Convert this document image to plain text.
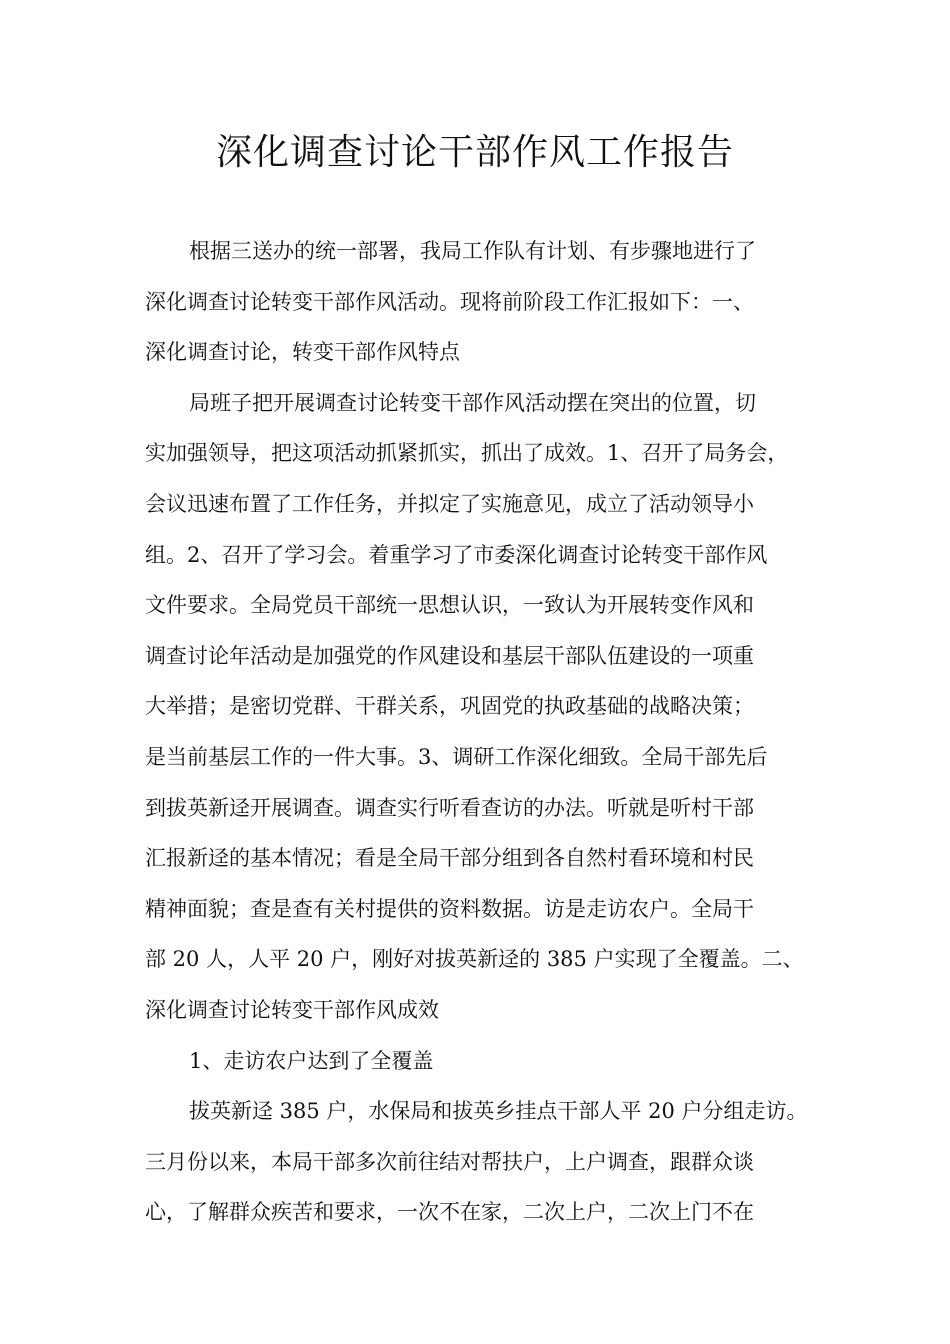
深化调查讨论干部作风工作报告
根据三送办的统一部署，我局工作队有计划、有步骤地进行了
深化调查讨论转变干部作风活动。现将前阶段工作汇报如下：一、
深化调查讨论，转变干部作风特点
局班子把开展调查讨论转变干部作风活动摆在突出的位置，切
实加强领导，把这项活动抓紧抓实，抓出了成效。1、召开了局务会，
会议迅速布置了工作任务，并拟定了实施意见，成立了活动领导小
组。2、召开了学习会。着重学习了市委深化调查讨论转变干部作风
文件要求。全局党员干部统一思想认识，一致认为开展转变作风和
调查讨论年活动是加强党的作风建设和基层干部队伍建设的一项重
大举措；是密切党群、干群关系，巩固党的执政基础的战略决策；
是当前基层工作的一件大事。3、调研工作深化细致。全局干部先后
到拔英新迳开展调查。调查实行听看查访的办法。听就是听村干部
汇报新迳的基本情况；看是全局干部分组到各自然村看环境和村民
精神面貌；查是查有关村提供的资料数据。访是走访农户。全局干
部 20 人，人平 20 户，刚好对拔英新迳的 385 户实现了全覆盖。二、
深化调查讨论转变干部作风成效
1、走访农户达到了全覆盖
拔英新迳 385 户，水保局和拔英乡挂点干部人平 20 户分组走访。
三月份以来，本局干部多次前往结对帮扶户，上户调查，跟群众谈
心，了解群众疾苦和要求，一次不在家，二次上户，二次上门不在
